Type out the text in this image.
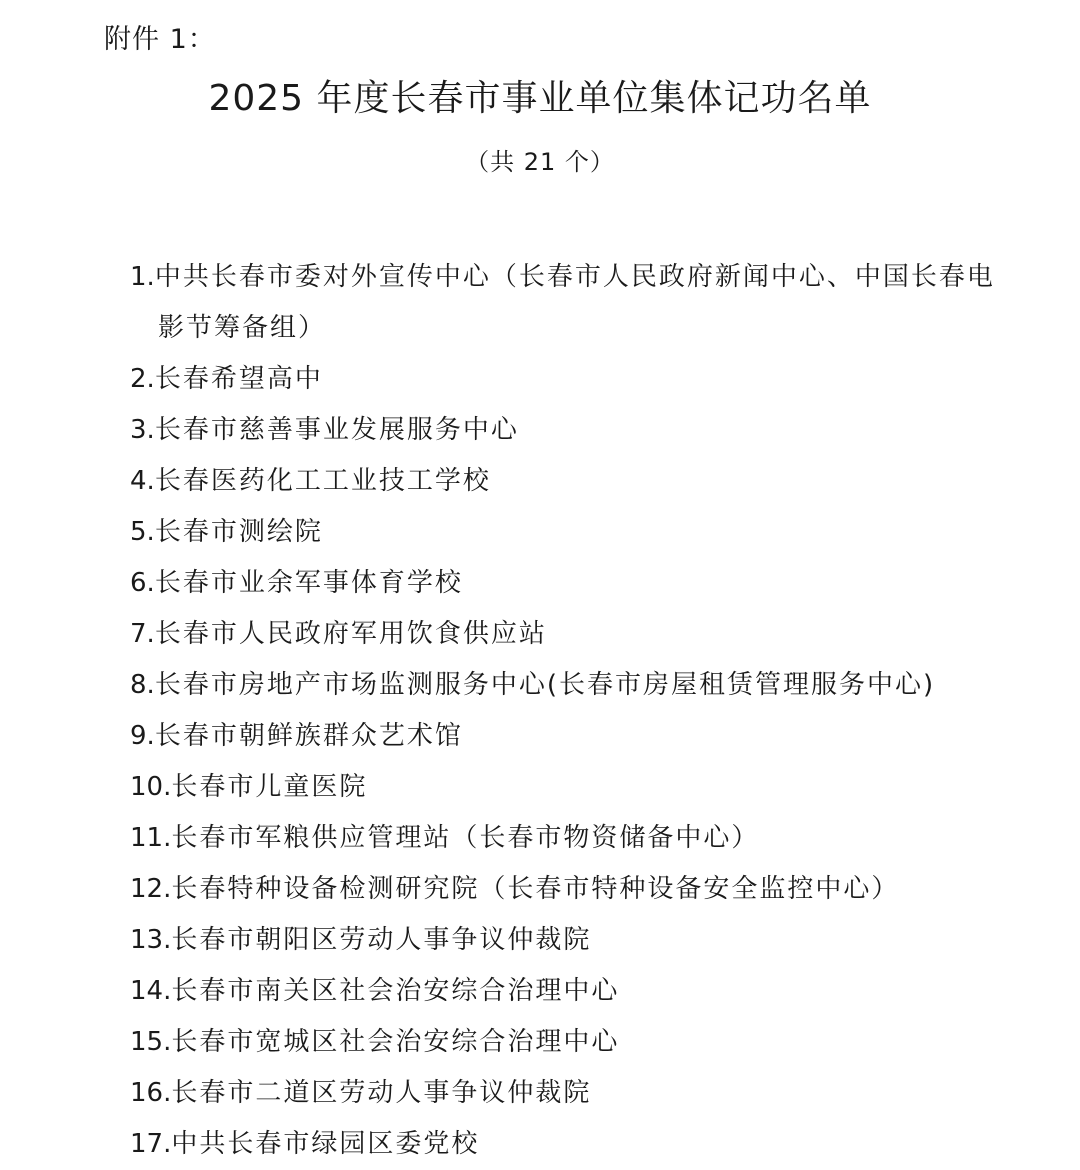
附件 1：
2025 年度长春市事业单位集体记功名单
（共 21 个）
1.中共长春市委对外宣传中心（长春市人民政府新闻中心、中国长春电影节筹备组）
2.长春希望高中
3.长春市慈善事业发展服务中心
4.长春医药化工工业技工学校
5.长春市测绘院
6.长春市业余军事体育学校
7.长春市人民政府军用饮食供应站
8.长春市房地产市场监测服务中心(长春市房屋租赁管理服务中心)
9.长春市朝鲜族群众艺术馆
10.长春市儿童医院
11.长春市军粮供应管理站（长春市物资储备中心）
12.长春特种设备检测研究院（长春市特种设备安全监控中心）
13.长春市朝阳区劳动人事争议仲裁院
14.长春市南关区社会治安综合治理中心
15.长春市宽城区社会治安综合治理中心
16.长春市二道区劳动人事争议仲裁院
17.中共长春市绿园区委党校
